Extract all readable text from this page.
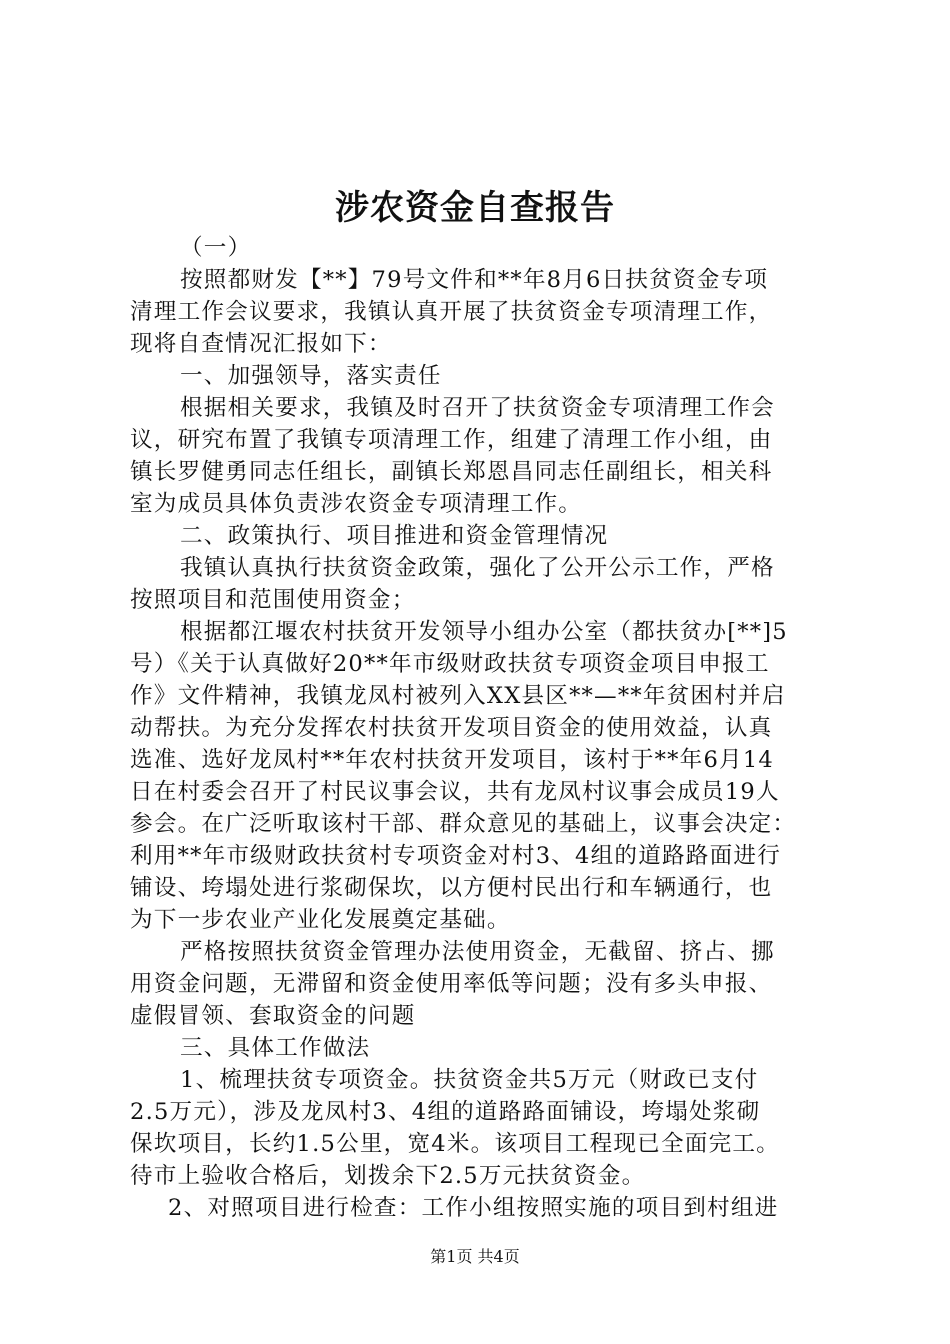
涉农资金自查报告
（一）
按照都财发【**】79号文件和**年8月6日扶贫资金专项
清理工作会议要求，我镇认真开展了扶贫资金专项清理工作，
现将自查情况汇报如下：
一、加强领导，落实责任
根据相关要求，我镇及时召开了扶贫资金专项清理工作会
议，研究布置了我镇专项清理工作，组建了清理工作小组，由
镇长罗健勇同志任组长，副镇长郑恩昌同志任副组长，相关科
室为成员具体负责涉农资金专项清理工作。
二、政策执行、项目推进和资金管理情况
我镇认真执行扶贫资金政策，强化了公开公示工作，严格
按照项目和范围使用资金；
根据都江堰农村扶贫开发领导小组办公室（都扶贫办[**]5
号）《关于认真做好20**年市级财政扶贫专项资金项目申报工
作》文件精神，我镇龙凤村被列入XX县区**—**年贫困村并启
动帮扶。为充分发挥农村扶贫开发项目资金的使用效益，认真
选准、选好龙凤村**年农村扶贫开发项目，该村于**年6月14
日在村委会召开了村民议事会议，共有龙凤村议事会成员19人
参会。在广泛听取该村干部、群众意见的基础上，议事会决定：
利用**年市级财政扶贫村专项资金对村3、4组的道路路面进行
铺设、垮塌处进行浆砌保坎，以方便村民出行和车辆通行，也
为下一步农业产业化发展奠定基础。
严格按照扶贫资金管理办法使用资金，无截留、挤占、挪
用资金问题，无滞留和资金使用率低等问题；没有多头申报、
虚假冒领、套取资金的问题
三、具体工作做法
1、梳理扶贫专项资金。扶贫资金共5万元（财政已支付
2.5万元），涉及龙凤村3、4组的道路路面铺设，垮塌处浆砌
保坎项目，长约1.5公里，宽4米。该项目工程现已全面完工。
待市上验收合格后，划拨余下2.5万元扶贫资金。
2、对照项目进行检查：工作小组按照实施的项目到村组进
第1页 共4页
